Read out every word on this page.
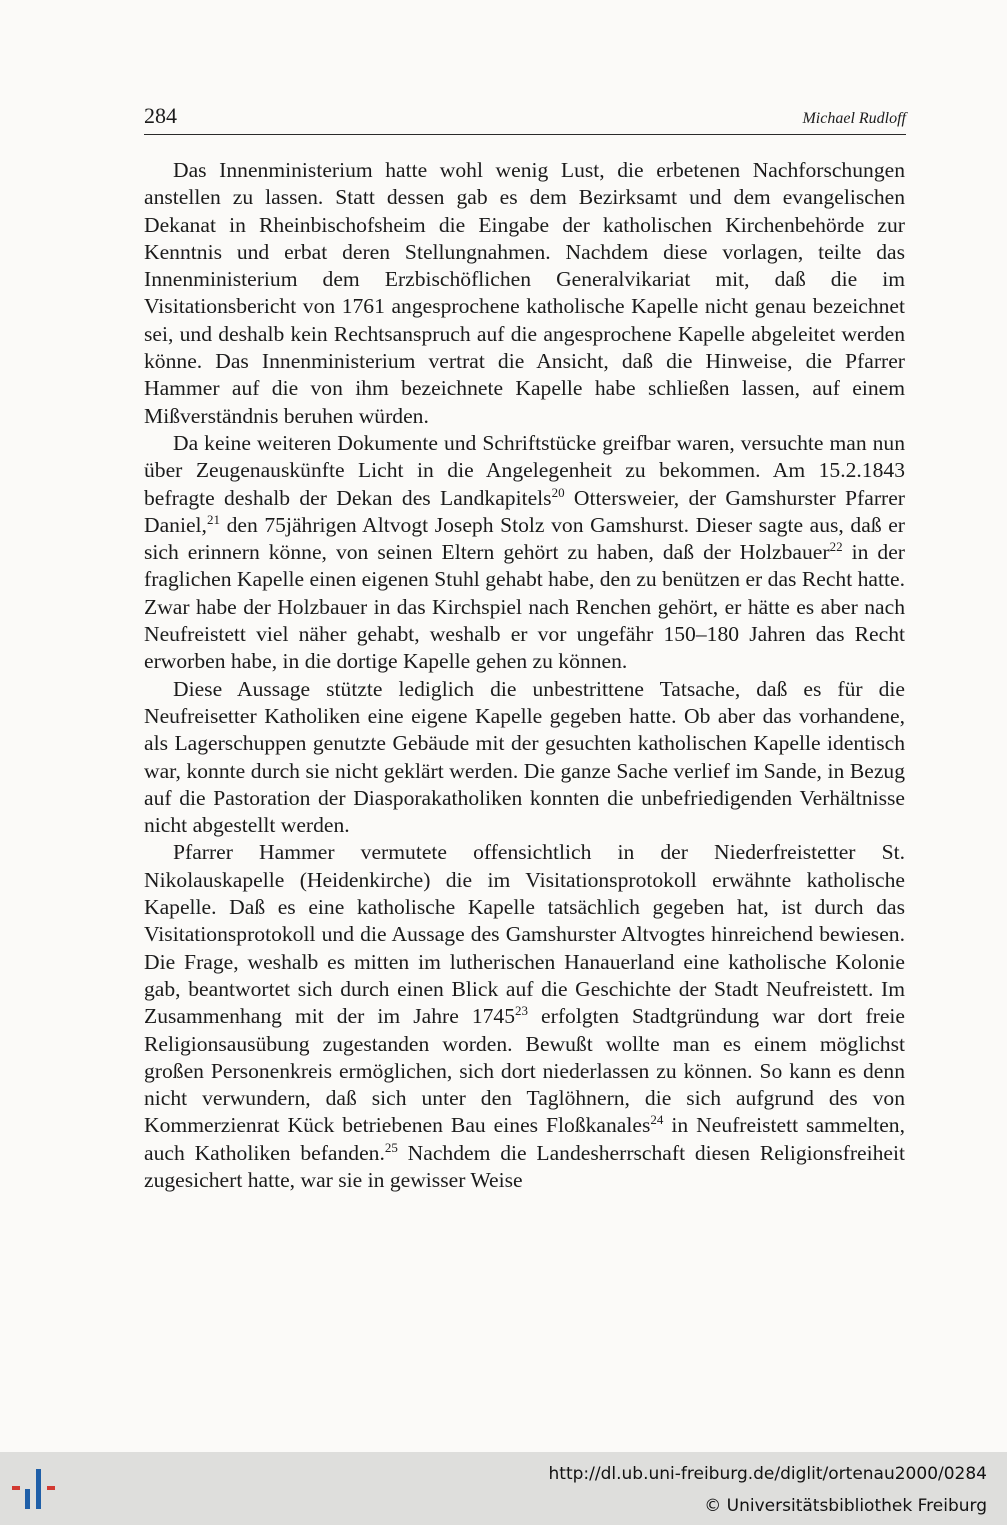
284	Michael Rudloff

Das Innenministerium hatte wohl wenig Lust, die erbetenen Nachforschungen anstellen zu lassen. Statt dessen gab es dem Bezirksamt und dem evangelischen Dekanat in Rheinbischofsheim die Eingabe der katholischen Kirchenbehörde zur Kenntnis und erbat deren Stellungnahmen. Nachdem diese vorlagen, teilte das Innenministerium dem Erzbischöflichen Generalvikariat mit, daß die im Visitationsbericht von 1761 angesprochene katholische Kapelle nicht genau bezeichnet sei, und deshalb kein Rechtsanspruch auf die angesprochene Kapelle abgeleitet werden könne. Das Innenministerium vertrat die Ansicht, daß die Hinweise, die Pfarrer Hammer auf die von ihm bezeichnete Kapelle habe schließen lassen, auf einem Mißverständnis beruhen würden.

Da keine weiteren Dokumente und Schriftstücke greifbar waren, versuchte man nun über Zeugenauskünfte Licht in die Angelegenheit zu bekommen. Am 15.2.1843 befragte deshalb der Dekan des Landkapitels$^{20}$ Ottersweier, der Gamshurster Pfarrer Daniel,$^{21}$ den 75jährigen Altvogt Joseph Stolz von Gamshurst. Dieser sagte aus, daß er sich erinnern könne, von seinen Eltern gehört zu haben, daß der Holzbauer$^{22}$ in der fraglichen Kapelle einen eigenen Stuhl gehabt habe, den zu benützen er das Recht hatte. Zwar habe der Holzbauer in das Kirchspiel nach Renchen gehört, er hätte es aber nach Neufreistett viel näher gehabt, weshalb er vor ungefähr 150–180 Jahren das Recht erworben habe, in die dortige Kapelle gehen zu können.

Diese Aussage stützte lediglich die unbestrittene Tatsache, daß es für die Neufreisetter Katholiken eine eigene Kapelle gegeben hatte. Ob aber das vorhandene, als Lagerschuppen genutzte Gebäude mit der gesuchten katholischen Kapelle identisch war, konnte durch sie nicht geklärt werden. Die ganze Sache verlief im Sande, in Bezug auf die Pastoration der Diasporakatholiken konnten die unbefriedigenden Verhältnisse nicht abgestellt werden.

Pfarrer Hammer vermutete offensichtlich in der Niederfreistetter St. Nikolauskapelle (Heidenkirche) die im Visitationsprotokoll erwähnte katholische Kapelle. Daß es eine katholische Kapelle tatsächlich gegeben hat, ist durch das Visitationsprotokoll und die Aussage des Gamshurster Altvogtes hinreichend bewiesen. Die Frage, weshalb es mitten im lutherischen Hanauerland eine katholische Kolonie gab, beantwortet sich durch einen Blick auf die Geschichte der Stadt Neufreistett. Im Zusammenhang mit der im Jahre 1745$^{23}$ erfolgten Stadtgründung war dort freie Religionsausübung zugestanden worden. Bewußt wollte man es einem möglichst großen Personenkreis ermöglichen, sich dort niederlassen zu können. So kann es denn nicht verwundern, daß sich unter den Taglöhnern, die sich aufgrund des von Kommerzienrat Kück betriebenen Bau eines Floßkanales$^{24}$ in Neufreistett sammelten, auch Katholiken befanden.$^{25}$ Nachdem die Landesherrschaft diesen Religionsfreiheit zugesichert hatte, war sie in gewisser Weise

http://dl.ub.uni-freiburg.de/diglit/ortenau2000/0284
© Universitätsbibliothek Freiburg
